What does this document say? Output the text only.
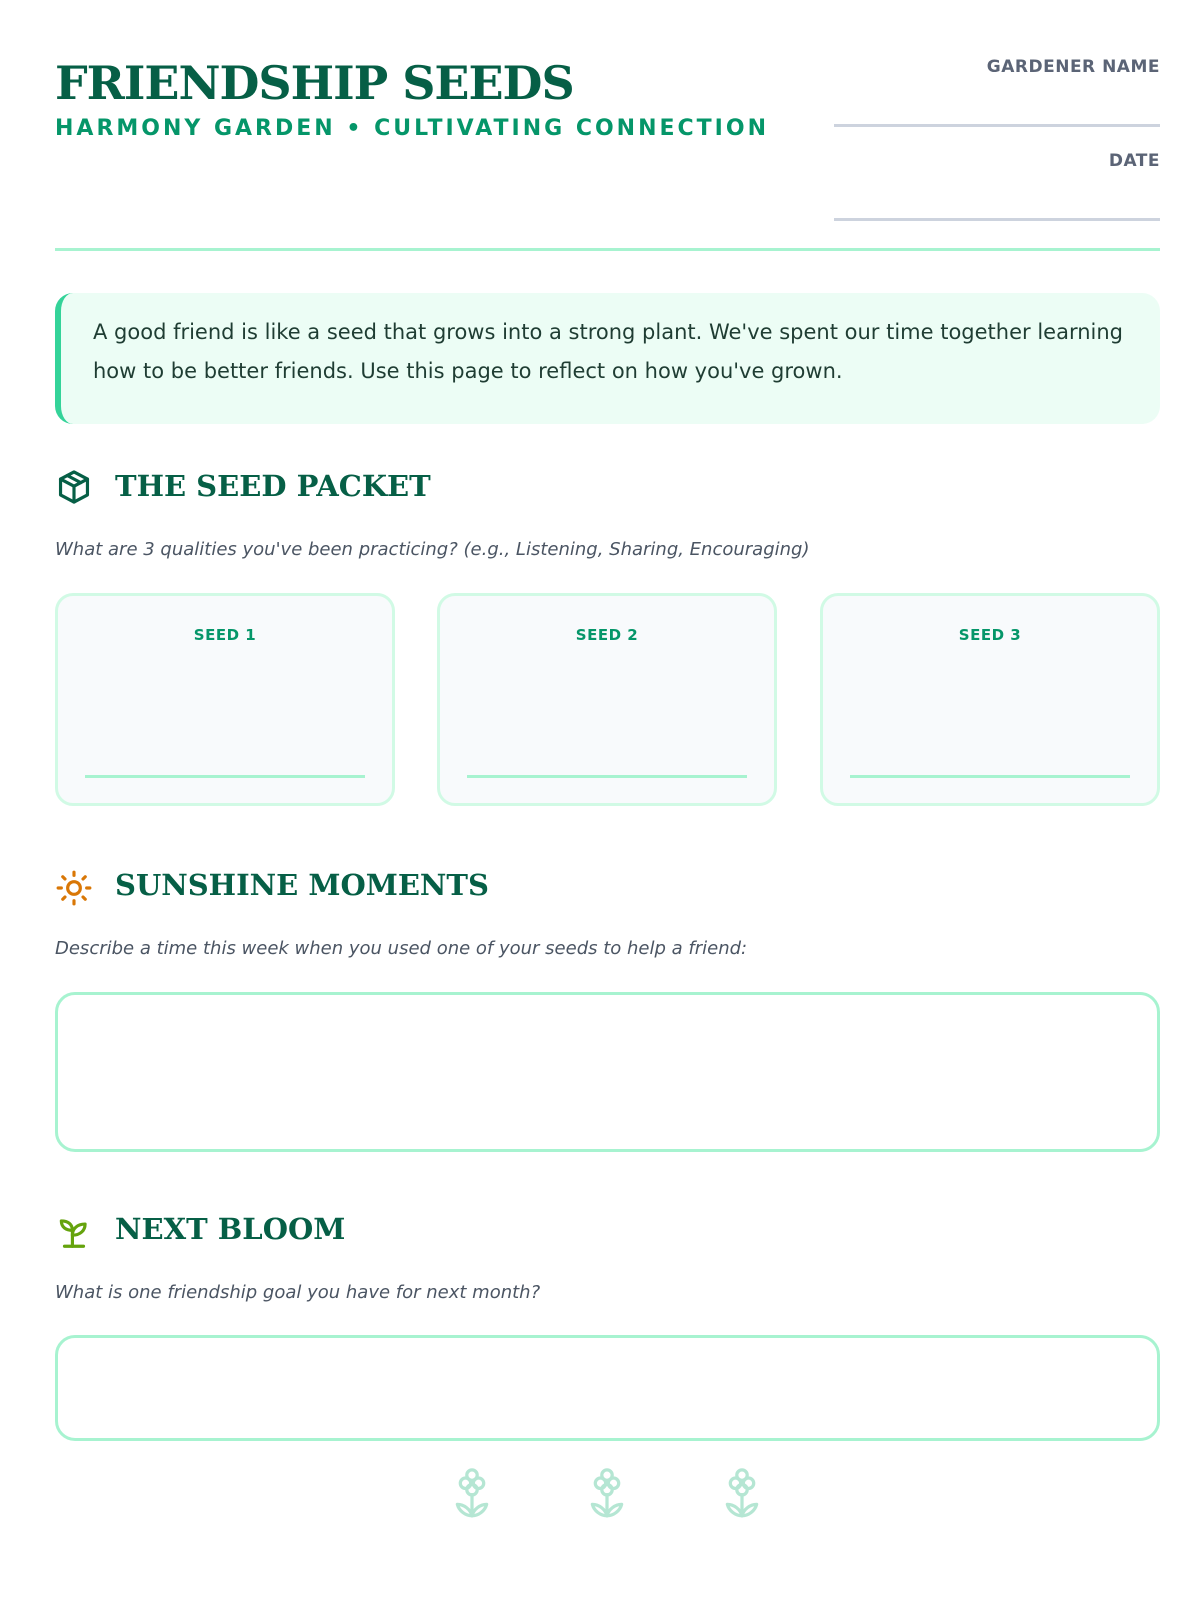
FRIENDSHIP SEEDS
HARMONY GARDEN • CULTIVATING CONNECTION
GARDENER NAME
DATE
A good friend is like a seed that grows into a strong plant. We've spent our time together learning
how to be better friends. Use this page to reflect on how you've grown.
THE SEED PACKET
What are 3 qualities you've been practicing? (e.g., Listening, Sharing, Encouraging)
SEED 1	SEED 2	SEED 3
SUNSHINE MOMENTS
Describe a time this week when you used one of your seeds to help a friend:
NEXT BLOOM
What is one friendship goal you have for next month?
